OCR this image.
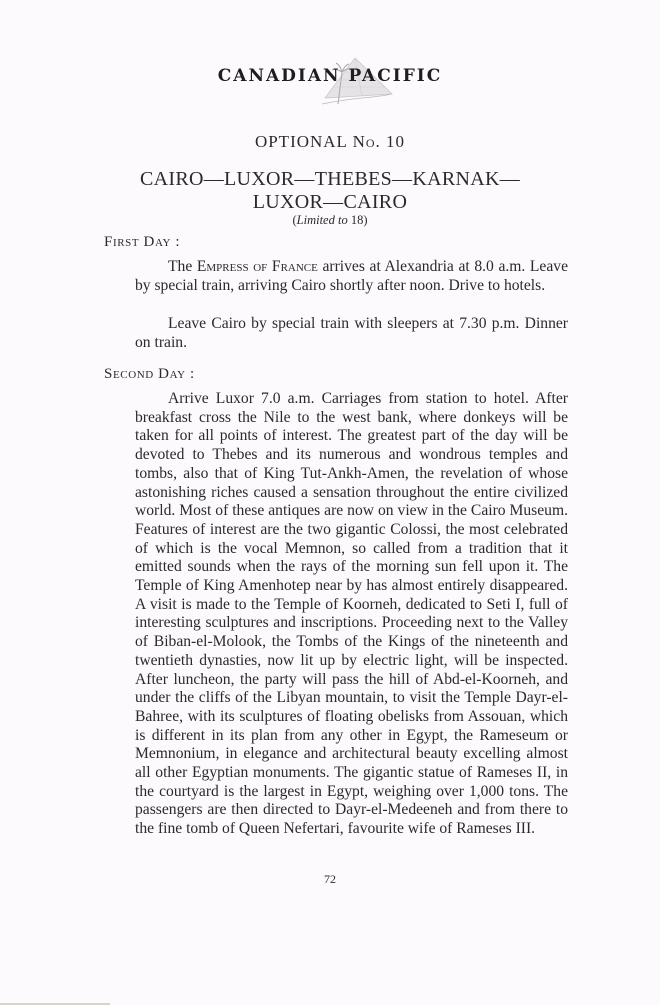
CANADIAN PACIFIC
OPTIONAL No. 10
CAIRO—LUXOR—THEBES—KARNAK—
LUXOR—CAIRO
(Limited to 18)
First Day :

The Empress of France arrives at Alexandria at 8.0 a.m. Leave by special train, arriving Cairo shortly after noon. Drive to hotels.

Leave Cairo by special train with sleepers at 7.30 p.m. Dinner on train.

Second Day :

Arrive Luxor 7.0 a.m. Carriages from station to hotel. After breakfast cross the Nile to the west bank, where donkeys will be taken for all points of interest. The greatest part of the day will be devoted to Thebes and its numerous and wondrous temples and tombs, also that of King Tut-Ankh-Amen, the revelation of whose astonishing riches caused a sensation throughout the entire civilized world. Most of these antiques are now on view in the Cairo Museum. Features of interest are the two gigantic Colossi, the most celebrated of which is the vocal Memnon, so called from a tradition that it emitted sounds when the rays of the morning sun fell upon it. The Temple of King Amenhotep near by has almost entirely disappeared. A visit is made to the Temple of Koorneh, dedicated to Seti I, full of interesting sculptures and inscriptions. Proceeding next to the Valley of Biban-el-Molook, the Tombs of the Kings of the nineteenth and twentieth dynasties, now lit up by electric light, will be inspected. After luncheon, the party will pass the hill of Abd-el-Koorneh, and under the cliffs of the Libyan mountain, to visit the Temple Dayr-el-Bahree, with its sculptures of floating obelisks from Assouan, which is different in its plan from any other in Egypt, the Rameseum or Memnonium, in elegance and architectural beauty excelling almost all other Egyptian monuments. The gigantic statue of Rameses II, in the courtyard is the largest in Egypt, weighing over 1,000 tons. The passengers are then directed to Dayr-el-Medeeneh and from there to the fine tomb of Queen Nefertari, favourite wife of Rameses III.

72
